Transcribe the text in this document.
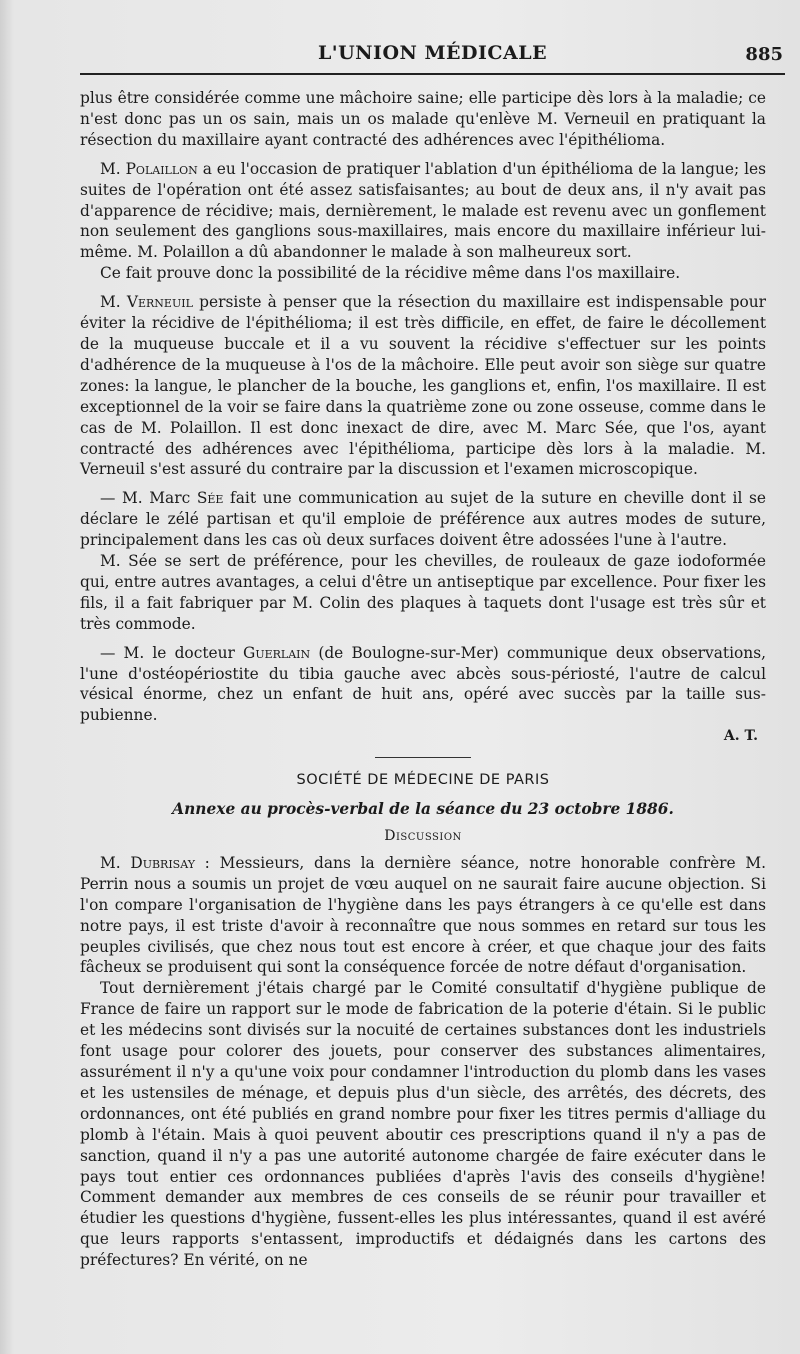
L'UNION MÉDICALE	885

plus être considérée comme une mâchoire saine; elle participe dès lors à la maladie; ce n'est donc pas un os sain, mais un os malade qu'enlève M. Verneuil en pratiquant la résection du maxillaire ayant contracté des adhérences avec l'épithélioma.

M. Polaillon a eu l'occasion de pratiquer l'ablation d'un épithélioma de la langue; les suites de l'opération ont été assez satisfaisantes; au bout de deux ans, il n'y avait pas d'apparence de récidive; mais, dernièrement, le malade est revenu avec un gonflement non seulement des ganglions sous-maxillaires, mais encore du maxillaire inférieur lui-même. M. Polaillon a dû abandonner le malade à son malheureux sort.

Ce fait prouve donc la possibilité de la récidive même dans l'os maxillaire.

M. Verneuil persiste à penser que la résection du maxillaire est indispensable pour éviter la récidive de l'épithélioma; il est très difficile, en effet, de faire le décollement de la muqueuse buccale et il a vu souvent la récidive s'effectuer sur les points d'adhérence de la muqueuse à l'os de la mâchoire. Elle peut avoir son siège sur quatre zones: la langue, le plancher de la bouche, les ganglions et, enfin, l'os maxillaire. Il est exceptionnel de la voir se faire dans la quatrième zone ou zone osseuse, comme dans le cas de M. Polaillon. Il est donc inexact de dire, avec M. Marc Sée, que l'os, ayant contracté des adhérences avec l'épithélioma, participe dès lors à la maladie. M. Verneuil s'est assuré du contraire par la discussion et l'examen microscopique.

— M. Marc Sée fait une communication au sujet de la suture en cheville dont il se déclare le zélé partisan et qu'il emploie de préférence aux autres modes de suture, principalement dans les cas où deux surfaces doivent être adossées l'une à l'autre.

M. Sée se sert de préférence, pour les chevilles, de rouleaux de gaze iodoformée qui, entre autres avantages, a celui d'être un antiseptique par excellence. Pour fixer les fils, il a fait fabriquer par M. Colin des plaques à taquets dont l'usage est très sûr et très commode.

— M. le docteur Guerlain (de Boulogne-sur-Mer) communique deux observations, l'une d'ostéopériostite du tibia gauche avec abcès sous-périosté, l'autre de calcul vésical énorme, chez un enfant de huit ans, opéré avec succès par la taille sus-pubienne.

A. T.

SOCIÉTÉ DE MÉDECINE DE PARIS
Annexe au procès-verbal de la séance du 23 octobre 1886.
Discussion

M. Dubrisay : Messieurs, dans la dernière séance, notre honorable confrère M. Perrin nous a soumis un projet de vœu auquel on ne saurait faire aucune objection. Si l'on compare l'organisation de l'hygiène dans les pays étrangers à ce qu'elle est dans notre pays, il est triste d'avoir à reconnaître que nous sommes en retard sur tous les peuples civilisés, que chez nous tout est encore à créer, et que chaque jour des faits fâcheux se produisent qui sont la conséquence forcée de notre défaut d'organisation.

Tout dernièrement j'étais chargé par le Comité consultatif d'hygiène publique de France de faire un rapport sur le mode de fabrication de la poterie d'étain. Si le public et les médecins sont divisés sur la nocuité de certaines substances dont les industriels font usage pour colorer des jouets, pour conserver des substances alimentaires, assurément il n'y a qu'une voix pour condamner l'introduction du plomb dans les vases et les ustensiles de ménage, et depuis plus d'un siècle, des arrêtés, des décrets, des ordonnances, ont été publiés en grand nombre pour fixer les titres permis d'alliage du plomb à l'étain. Mais à quoi peuvent aboutir ces prescriptions quand il n'y a pas de sanction, quand il n'y a pas une autorité autonome chargée de faire exécuter dans le pays tout entier ces ordonnances publiées d'après l'avis des conseils d'hygiène! Comment demander aux membres de ces conseils de se réunir pour travailler et étudier les questions d'hygiène, fussent-elles les plus intéressantes, quand il est avéré que leurs rapports s'entassent, improductifs et dédaignés dans les cartons des préfectures? En vérité, on ne
